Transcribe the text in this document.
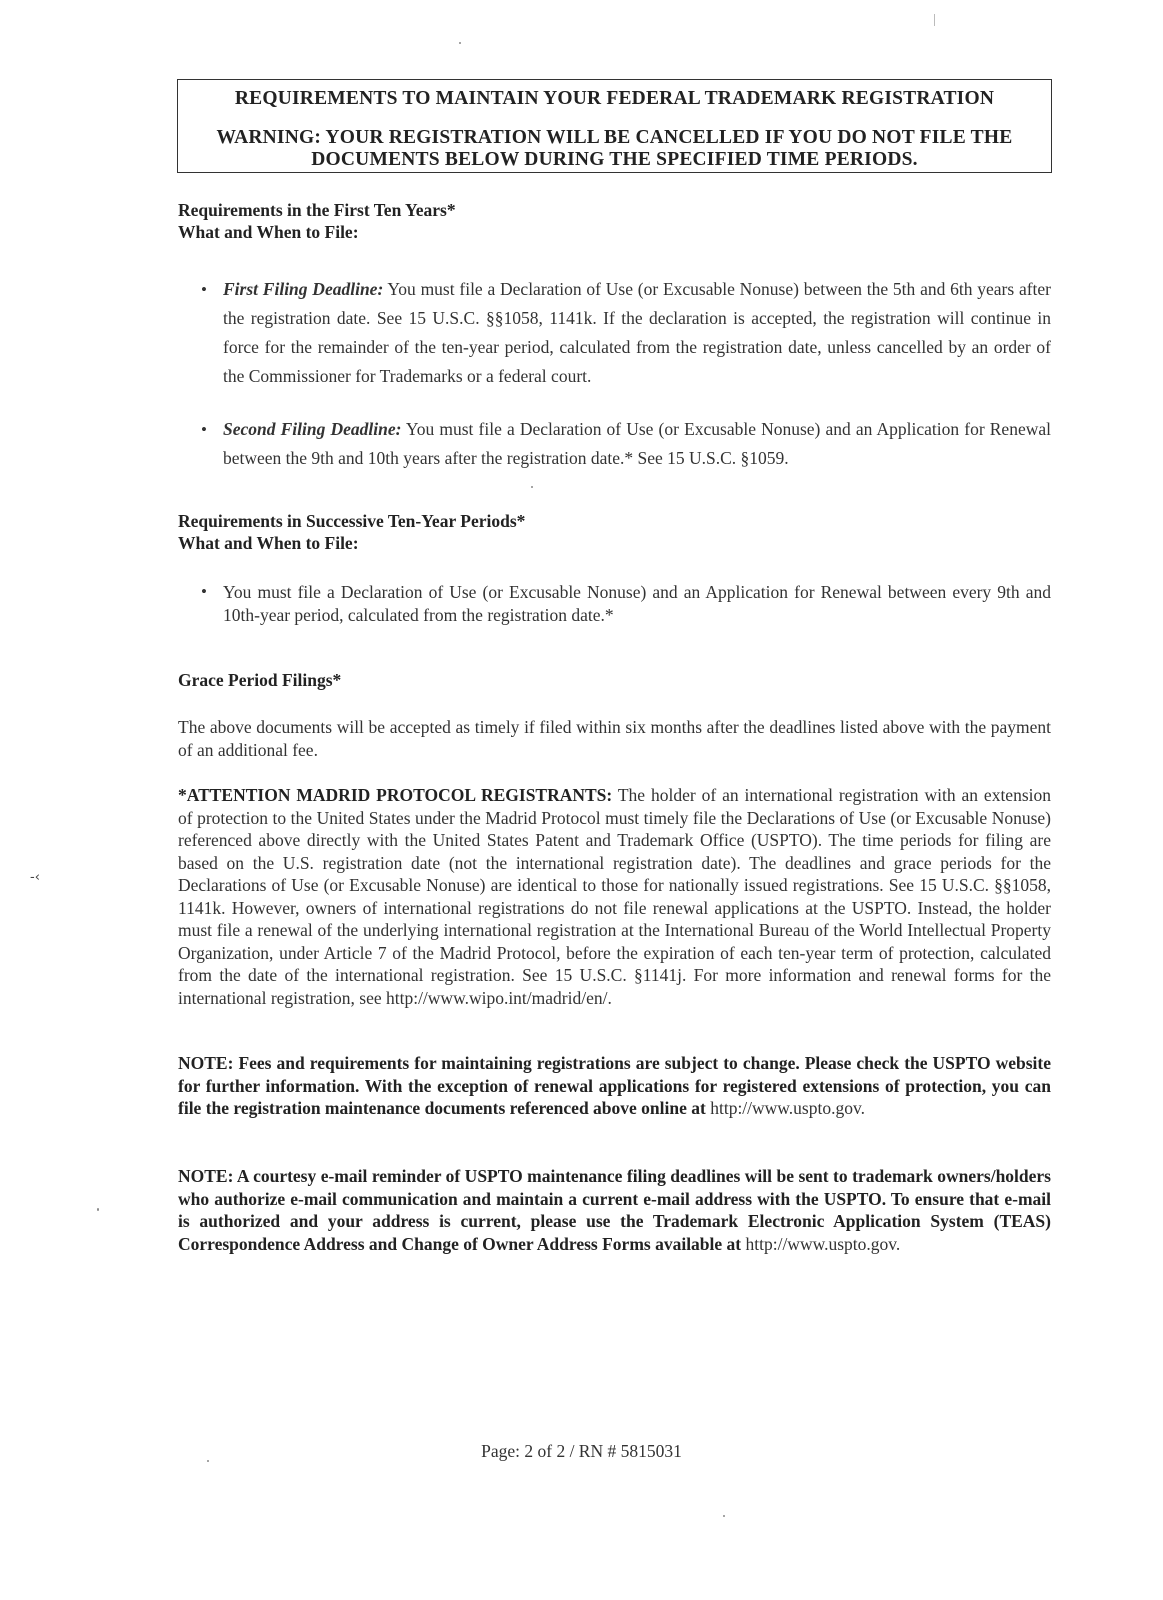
REQUIREMENTS TO MAINTAIN YOUR FEDERAL TRADEMARK REGISTRATION
WARNING: YOUR REGISTRATION WILL BE CANCELLED IF YOU DO NOT FILE THE
DOCUMENTS BELOW DURING THE SPECIFIED TIME PERIODS.
Requirements in the First Ten Years*
What and When to File:
• First Filing Deadline: You must file a Declaration of Use (or Excusable Nonuse) between the 5th and 6th years after the registration date. See 15 U.S.C. §§1058, 1141k. If the declaration is accepted, the registration will continue in force for the remainder of the ten-year period, calculated from the registration date, unless cancelled by an order of the Commissioner for Trademarks or a federal court.
• Second Filing Deadline: You must file a Declaration of Use (or Excusable Nonuse) and an Application for Renewal between the 9th and 10th years after the registration date.* See 15 U.S.C. §1059.
Requirements in Successive Ten-Year Periods*
What and When to File:
• You must file a Declaration of Use (or Excusable Nonuse) and an Application for Renewal between every 9th and 10th-year period, calculated from the registration date.*
Grace Period Filings*
The above documents will be accepted as timely if filed within six months after the deadlines listed above with the payment of an additional fee.
*ATTENTION MADRID PROTOCOL REGISTRANTS: The holder of an international registration with an extension of protection to the United States under the Madrid Protocol must timely file the Declarations of Use (or Excusable Nonuse) referenced above directly with the United States Patent and Trademark Office (USPTO). The time periods for filing are based on the U.S. registration date (not the international registration date). The deadlines and grace periods for the Declarations of Use (or Excusable Nonuse) are identical to those for nationally issued registrations. See 15 U.S.C. §§1058, 1141k. However, owners of international registrations do not file renewal applications at the USPTO. Instead, the holder must file a renewal of the underlying international registration at the International Bureau of the World Intellectual Property Organization, under Article 7 of the Madrid Protocol, before the expiration of each ten-year term of protection, calculated from the date of the international registration. See 15 U.S.C. §1141j. For more information and renewal forms for the international registration, see http://www.wipo.int/madrid/en/.
NOTE: Fees and requirements for maintaining registrations are subject to change. Please check the USPTO website for further information. With the exception of renewal applications for registered extensions of protection, you can file the registration maintenance documents referenced above online at http://www.uspto.gov.
NOTE: A courtesy e-mail reminder of USPTO maintenance filing deadlines will be sent to trademark owners/holders who authorize e-mail communication and maintain a current e-mail address with the USPTO. To ensure that e-mail is authorized and your address is current, please use the Trademark Electronic Application System (TEAS) Correspondence Address and Change of Owner Address Forms available at http://www.uspto.gov.
Page: 2 of 2 / RN # 5815031
-‹
